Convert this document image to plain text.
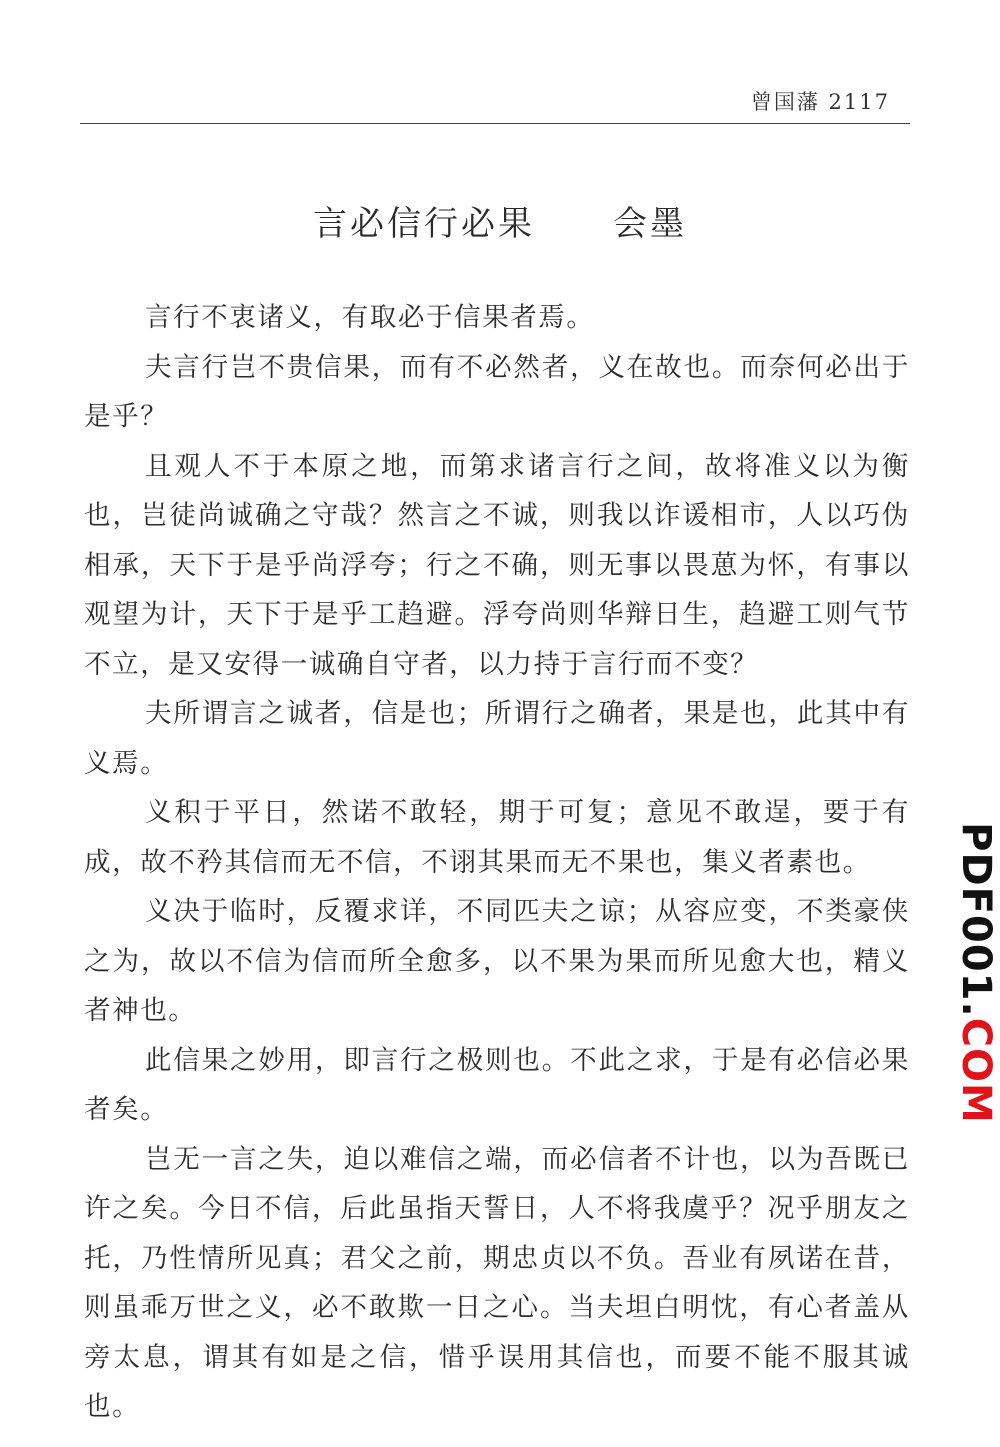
曾国藩 2117
言必信行必果 会墨

言行不衷诸义，有取必于信果者焉。

夫言行岂不贵信果，而有不必然者，义在故也。而奈何必出于是乎？

且观人不于本原之地，而第求诸言行之间，故将准义以为衡也，岂徒尚诚确之守哉？然言之不诚，则我以诈谖相市，人以巧伪相承，天下于是乎尚浮夸；行之不确，则无事以畏葸为怀，有事以观望为计，天下于是乎工趋避。浮夸尚则华辩日生，趋避工则气节不立，是又安得一诚确自守者，以力持于言行而不变？

夫所谓言之诚者，信是也；所谓行之确者，果是也，此其中有义焉。

义积于平日，然诺不敢轻，期于可复；意见不敢逞，要于有成，故不矜其信而无不信，不诩其果而无不果也，集义者素也。

义决于临时，反覆求详，不同匹夫之谅；从容应变，不类豪侠之为，故以不信为信而所全愈多，以不果为果而所见愈大也，精义者神也。

此信果之妙用，即言行之极则也。不此之求，于是有必信必果者矣。

岂无一言之失，迫以难信之端，而必信者不计也，以为吾既已许之矣。今日不信，后此虽指天誓日，人不将我虞乎？况乎朋友之托，乃性情所见真；君父之前，期忠贞以不负。吾业有夙诺在昔，则虽乖万世之义，必不敢欺一日之心。当夫坦白明忱，有心者盖从旁太息，谓其有如是之信，惜乎误用其信也，而要不能不服其诚也。

PDF001.COM
